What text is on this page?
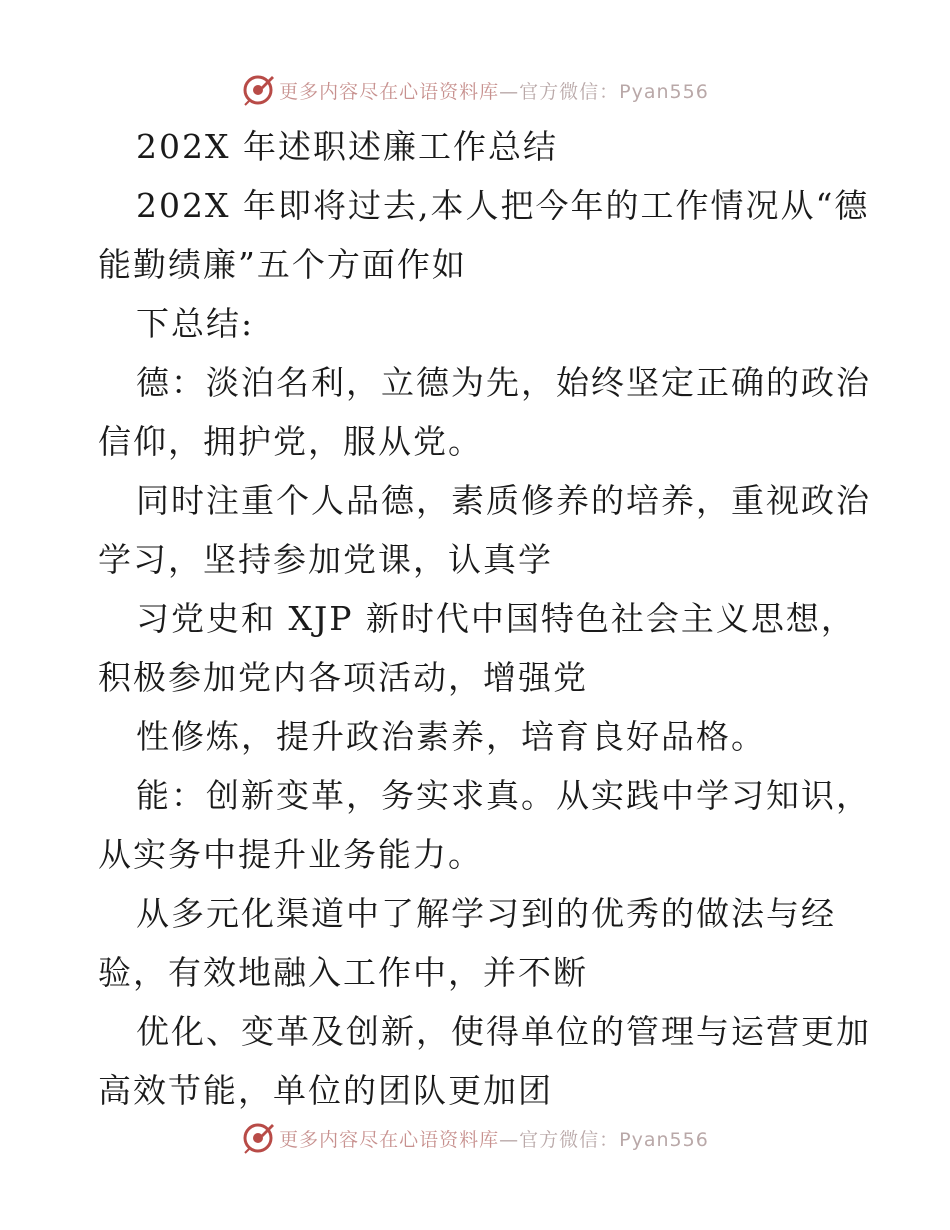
更多内容尽在心语资料库 —官方微信：Pyan556
202X 年述职述廉工作总结
202X 年即将过去,本人把今年的工作情况从“德
能勤绩廉”五个方面作如
下总结:
德：淡泊名利，立德为先，始终坚定正确的政治
信仰，拥护党，服从党。
同时注重个人品德，素质修养的培养，重视政治
学习，坚持参加党课，认真学
习党史和 XJP 新时代中国特色社会主义思想，
积极参加党内各项活动，增强党
性修炼，提升政治素养，培育良好品格。
能：创新变革，务实求真。从实践中学习知识，
从实务中提升业务能力。
从多元化渠道中了解学习到的优秀的做法与经
验，有效地融入工作中，并不断
优化、变革及创新，使得单位的管理与运营更加
高效节能，单位的团队更加团
更多内容尽在心语资料库 —官方微信：Pyan556
